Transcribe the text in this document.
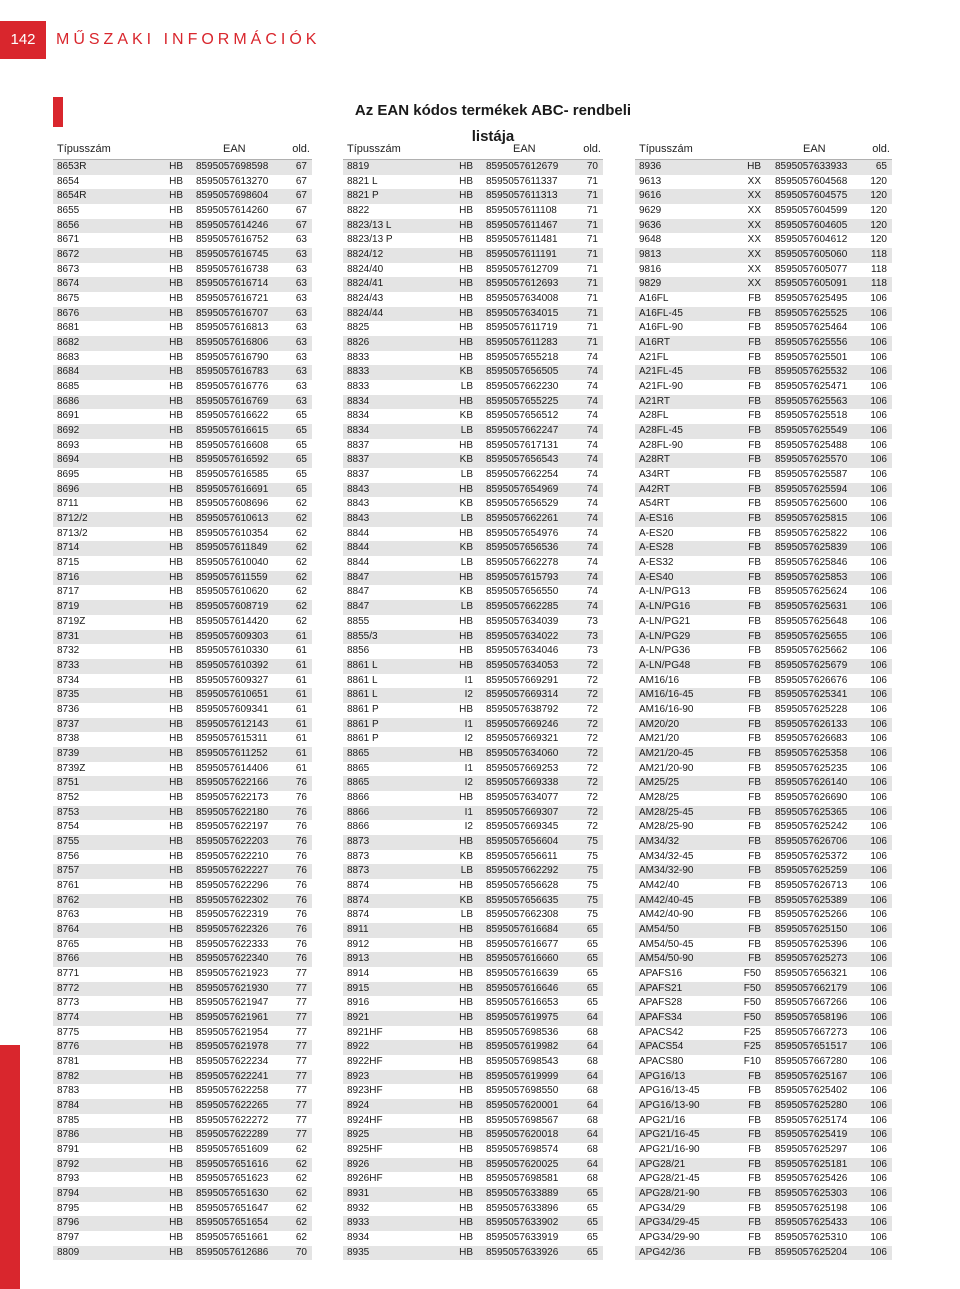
142	MŰSZAKI INFORMÁCIÓK
Az EAN kódos termékek ABC- rendbeli listája
Típusszám	EAN	old.
8653R	HB 8595057698598	67
8654	HB 8595057613270	67
8654R	HB 8595057698604	67
8655	HB 8595057614260	67
8656	HB 8595057614246	67
8671	HB 8595057616752	63
8672	HB 8595057616745	63
8673	HB 8595057616738	63
8674	HB 8595057616714	63
8675	HB 8595057616721	63
8676	HB 8595057616707	63
8681	HB 8595057616813	63
8682	HB 8595057616806	63
8683	HB 8595057616790	63
8684	HB 8595057616783	63
8685	HB 8595057616776	63
8686	HB 8595057616769	63
8691	HB 8595057616622	65
8692	HB 8595057616615	65
8693	HB 8595057616608	65
8694	HB 8595057616592	65
8695	HB 8595057616585	65
8696	HB 8595057616691	65
8711	HB 8595057608696	62
8712/2	HB 8595057610613	62
8713/2	HB 8595057610354	62
8714	HB 8595057611849	62
8715	HB 8595057610040	62
8716	HB 8595057611559	62
8717	HB 8595057610620	62
8719	HB 8595057608719	62
8719Z	HB 8595057614420	62
8731	HB 8595057609303	61
8732	HB 8595057610330	61
8733	HB 8595057610392	61
8734	HB 8595057609327	61
8735	HB 8595057610651	61
8736	HB 8595057609341	61
8737	HB 8595057612143	61
8738	HB 8595057615311	61
8739	HB 8595057611252	61
8739Z	HB 8595057614406	61
8751	HB 8595057622166	76
8752	HB 8595057622173	76
8753	HB 8595057622180	76
8754	HB 8595057622197	76
8755	HB 8595057622203	76
8756	HB 8595057622210	76
8757	HB 8595057622227	76
8761	HB 8595057622296	76
8762	HB 8595057622302	76
8763	HB 8595057622319	76
8764	HB 8595057622326	76
8765	HB 8595057622333	76
8766	HB 8595057622340	76
8771	HB 8595057621923	77
8772	HB 8595057621930	77
8773	HB 8595057621947	77
8774	HB 8595057621961	77
8775	HB 8595057621954	77
8776	HB 8595057621978	77
8781	HB 8595057622234	77
8782	HB 8595057622241	77
8783	HB 8595057622258	77
8784	HB 8595057622265	77
8785	HB 8595057622272	77
8786	HB 8595057622289	77
8791	HB 8595057651609	62
8792	HB 8595057651616	62
8793	HB 8595057651623	62
8794	HB 8595057651630	62
8795	HB 8595057651647	62
8796	HB 8595057651654	62
8797	HB 8595057651661	62
8809	HB 8595057612686	70
Típusszám	EAN	old.
8819	HB 8595057612679	70
8821 L	HB 8595057611337	71
8821 P	HB 8595057611313	71
8822	HB 8595057611108	71
8823/13 L	HB 8595057611467	71
8823/13 P	HB 8595057611481	71
8824/12	HB 8595057611191	71
8824/40	HB 8595057612709	71
8824/41	HB 8595057612693	71
8824/43	HB 8595057634008	71
8824/44	HB 8595057634015	71
8825	HB 8595057611719	71
8826	HB 8595057611283	71
8833	HB 8595057655218	74
8833	KB 8595057656505	74
8833	LB 8595057662230	74
8834	HB 8595057655225	74
8834	KB 8595057656512	74
8834	LB 8595057662247	74
8837	HB 8595057617131	74
8837	KB 8595057656543	74
8837	LB 8595057662254	74
8843	HB 8595057654969	74
8843	KB 8595057656529	74
8843	LB 8595057662261	74
8844	HB 8595057654976	74
8844	KB 8595057656536	74
8844	LB 8595057662278	74
8847	HB 8595057615793	74
8847	KB 8595057656550	74
8847	LB 8595057662285	74
8855	HB 8595057634039	73
8855/3	HB 8595057634022	73
8856	HB 8595057634046	73
8861 L	HB 8595057634053	72
8861 L	I1 8595057669291	72
8861 L	I2 8595057669314	72
8861 P	HB 8595057638792	72
8861 P	I1 8595057669246	72
8861 P	I2 8595057669321	72
8865	HB 8595057634060	72
8865	I1 8595057669253	72
8865	I2 8595057669338	72
8866	HB 8595057634077	72
8866	I1 8595057669307	72
8866	I2 8595057669345	72
8873	HB 8595057656604	75
8873	KB 8595057656611	75
8873	LB 8595057662292	75
8874	HB 8595057656628	75
8874	KB 8595057656635	75
8874	LB 8595057662308	75
8911	HB 8595057616684	65
8912	HB 8595057616677	65
8913	HB 8595057616660	65
8914	HB 8595057616639	65
8915	HB 8595057616646	65
8916	HB 8595057616653	65
8921	HB 8595057619975	64
8921HF	HB 8595057698536	68
8922	HB 8595057619982	64
8922HF	HB 8595057698543	68
8923	HB 8595057619999	64
8923HF	HB 8595057698550	68
8924	HB 8595057620001	64
8924HF	HB 8595057698567	68
8925	HB 8595057620018	64
8925HF	HB 8595057698574	68
8926	HB 8595057620025	64
8926HF	HB 8595057698581	68
8931	HB 8595057633889	65
8932	HB 8595057633896	65
8933	HB 8595057633902	65
8934	HB 8595057633919	65
8935	HB 8595057633926	65
Típusszám	EAN	old.
8936	HB 8595057633933	65
9613	XX 8595057604568 120
9616	XX 8595057604575 120
9629	XX 8595057604599 120
9636	XX 8595057604605 120
9648	XX 8595057604612 120
9813	XX 8595057605060 118
9816	XX 8595057605077 118
9829	XX 8595057605091 118
A16FL	FB 8595057625495 106
A16FL-45	FB 8595057625525 106
A16FL-90	FB 8595057625464 106
A16RT	FB 8595057625556 106
A21FL	FB 8595057625501 106
A21FL-45	FB 8595057625532 106
A21FL-90	FB 8595057625471 106
A21RT	FB 8595057625563 106
A28FL	FB 8595057625518 106
A28FL-45	FB 8595057625549 106
A28FL-90	FB 8595057625488 106
A28RT	FB 8595057625570 106
A34RT	FB 8595057625587 106
A42RT	FB 8595057625594 106
A54RT	FB 8595057625600 106
A-ES16	FB 8595057625815 106
A-ES20	FB 8595057625822 106
A-ES28	FB 8595057625839 106
A-ES32	FB 8595057625846 106
A-ES40	FB 8595057625853 106
A-LN/PG13	FB 8595057625624 106
A-LN/PG16	FB 8595057625631 106
A-LN/PG21	FB 8595057625648 106
A-LN/PG29	FB 8595057625655 106
A-LN/PG36	FB 8595057625662 106
A-LN/PG48	FB 8595057625679 106
AM16/16	FB 8595057626676 106
AM16/16-45	FB 8595057625341 106
AM16/16-90	FB 8595057625228 106
AM20/20	FB 8595057626133 106
AM21/20	FB 8595057626683 106
AM21/20-45	FB 8595057625358 106
AM21/20-90	FB 8595057625235 106
AM25/25	FB 8595057626140 106
AM28/25	FB 8595057626690 106
AM28/25-45	FB 8595057625365 106
AM28/25-90	FB 8595057625242 106
AM34/32	FB 8595057626706 106
AM34/32-45	FB 8595057625372 106
AM34/32-90	FB 8595057625259 106
AM42/40	FB 8595057626713 106
AM42/40-45	FB 8595057625389 106
AM42/40-90	FB 8595057625266 106
AM54/50	FB 8595057625150 106
AM54/50-45	FB 8595057625396 106
AM54/50-90	FB 8595057625273 106
APAFS16	F50 8595057656321 106
APAFS21	F50 8595057662179 106
APAFS28	F50 8595057667266 106
APAFS34	F50 8595057658196 106
APACS42	F25 8595057667273 106
APACS54	F25 8595057651517 106
APACS80	F10 8595057667280 106
APG16/13	FB 8595057625167 106
APG16/13-45	FB 8595057625402 106
APG16/13-90	FB 8595057625280 106
APG21/16	FB 8595057625174 106
APG21/16-45	FB 8595057625419 106
APG21/16-90	FB 8595057625297 106
APG28/21	FB 8595057625181 106
APG28/21-45	FB 8595057625426 106
APG28/21-90	FB 8595057625303 106
APG34/29	FB 8595057625198 106
APG34/29-45	FB 8595057625433 106
APG34/29-90	FB 8595057625310 106
APG42/36	FB 8595057625204 106
